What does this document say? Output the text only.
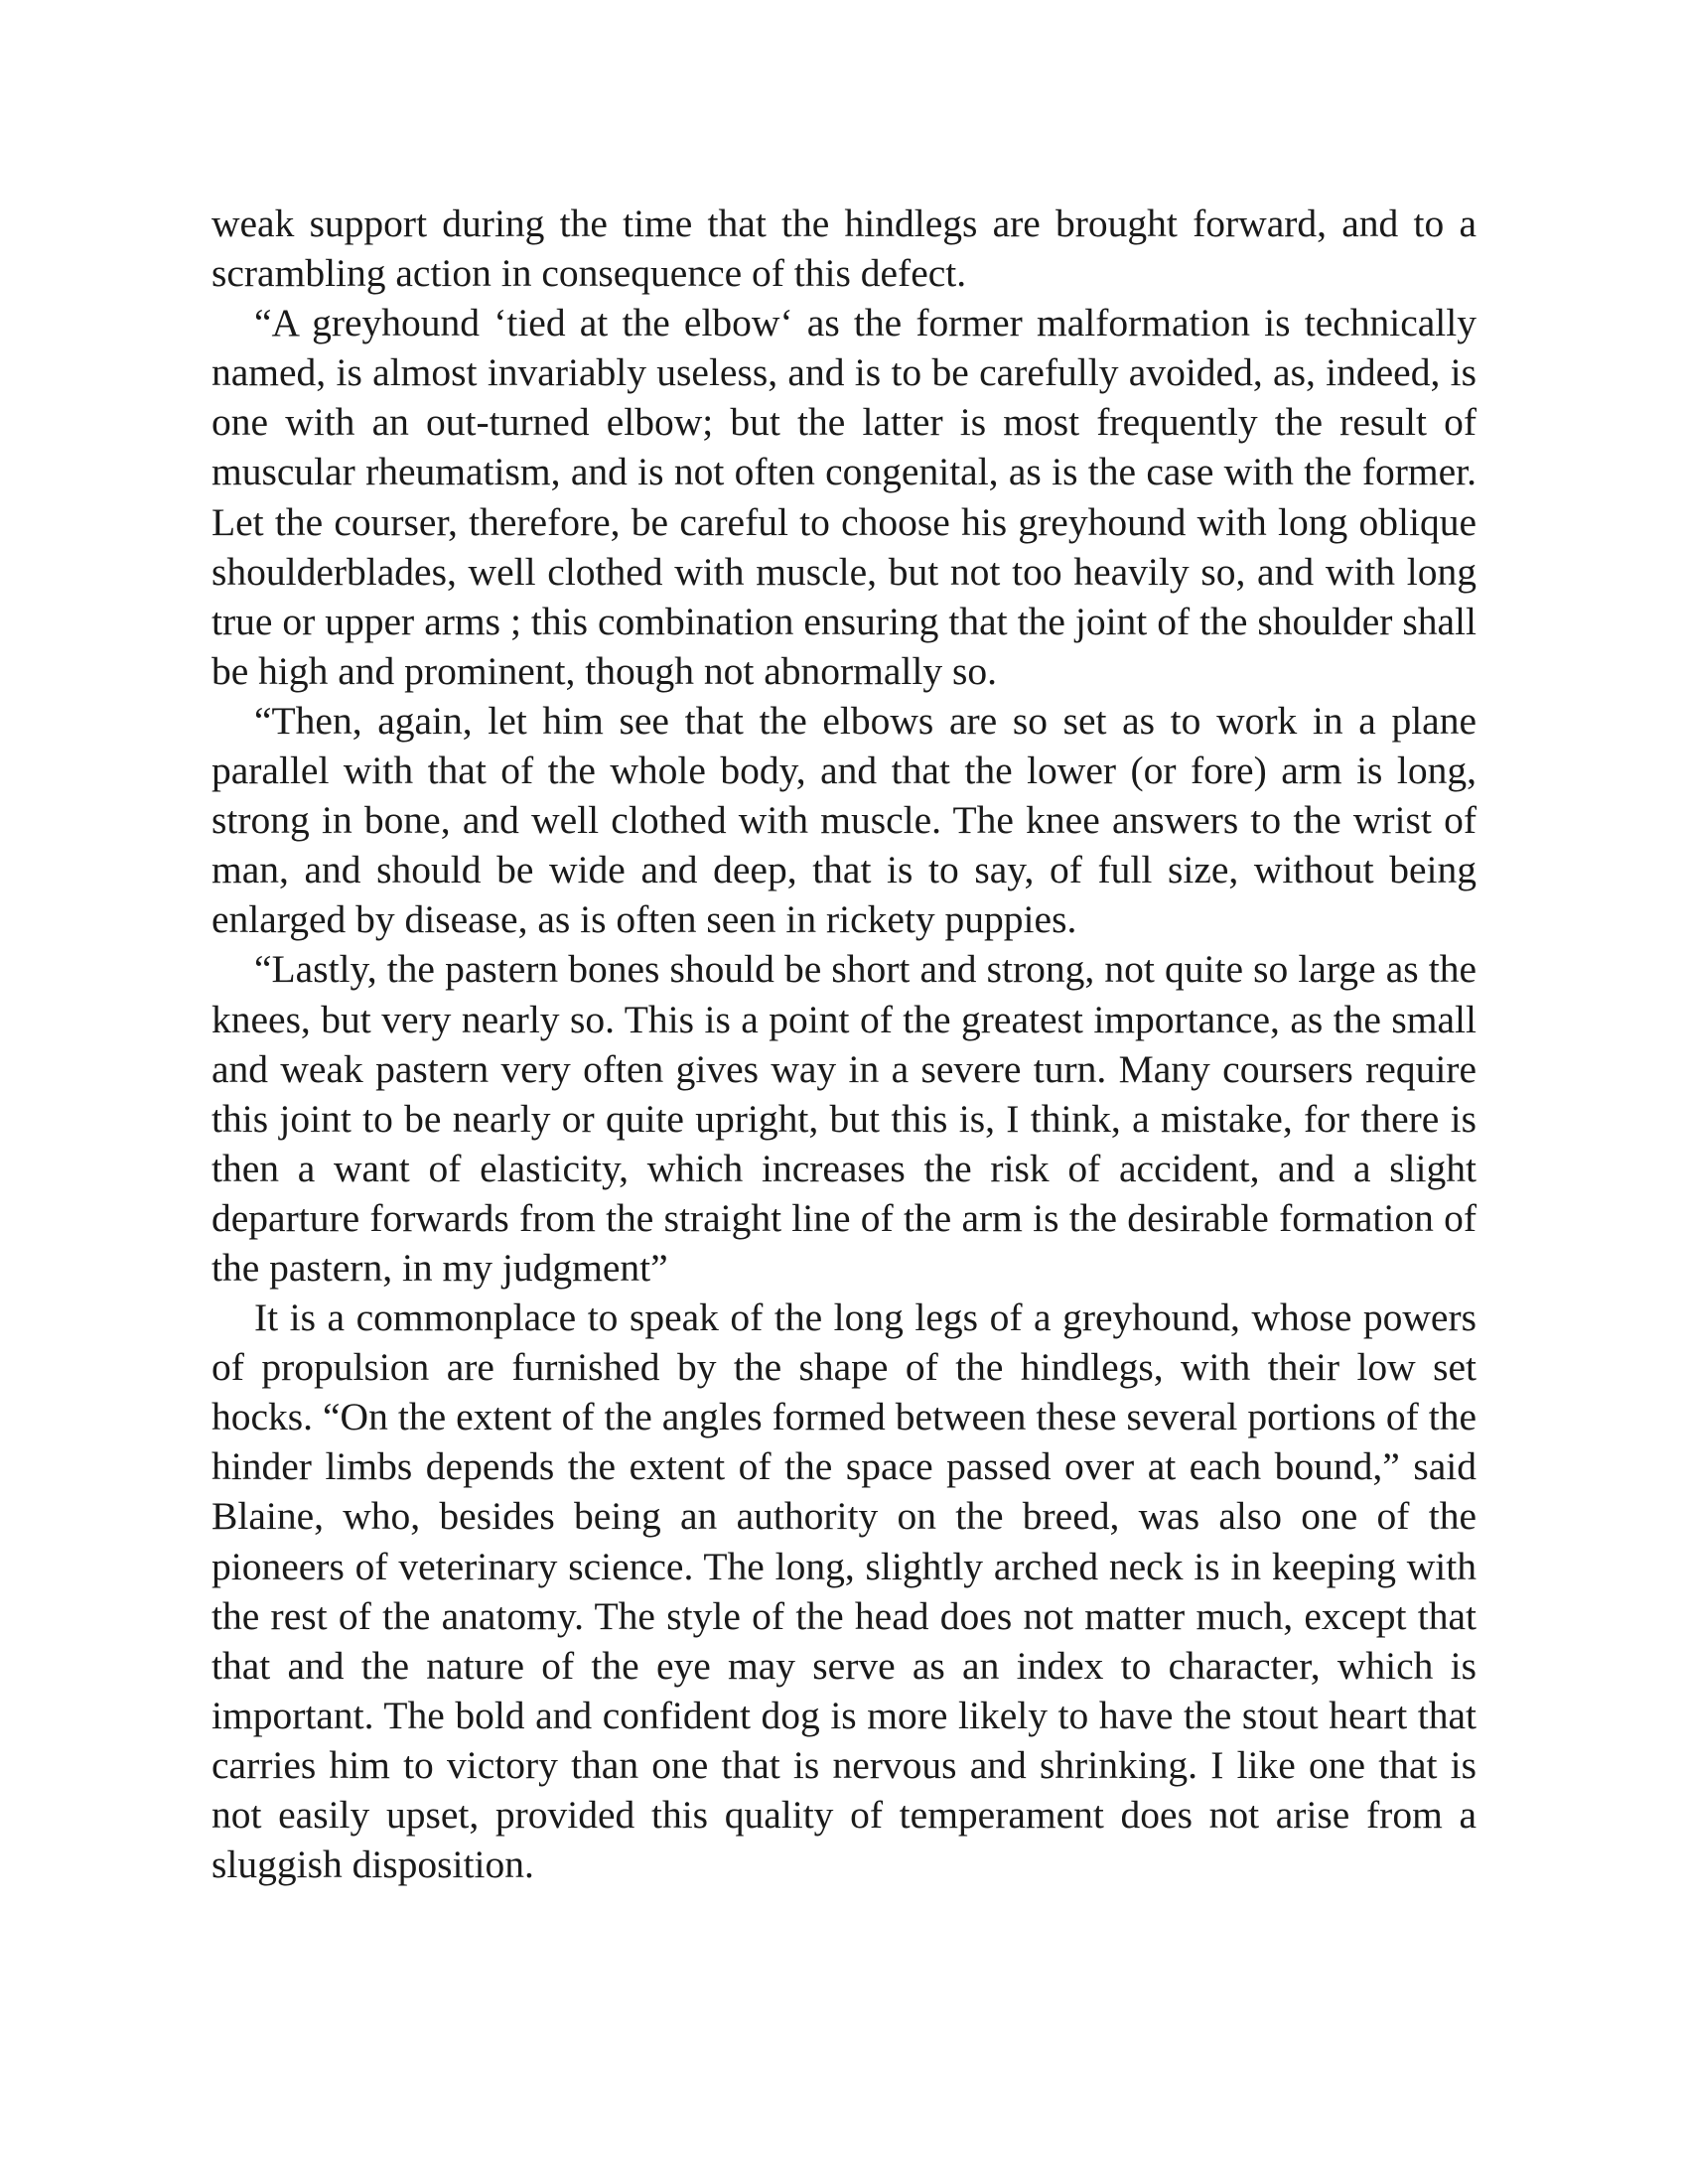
weak support during the time that the hindlegs are brought forward, and to a scrambling action in consequence of this defect.

“A greyhound ‘tied at the elbow‘ as the former malformation is technically named, is almost invariably useless, and is to be carefully avoided, as, indeed, is one with an out-turned elbow; but the latter is most frequently the result of muscular rheumatism, and is not often congenital, as is the case with the former. Let the courser, therefore, be careful to choose his greyhound with long oblique shoulderblades, well clothed with muscle, but not too heavily so, and with long true or upper arms ; this combination ensuring that the joint of the shoulder shall be high and prominent, though not abnormally so.

“Then, again, let him see that the elbows are so set as to work in a plane parallel with that of the whole body, and that the lower (or fore) arm is long, strong in bone, and well clothed with muscle. The knee answers to the wrist of man, and should be wide and deep, that is to say, of full size, without being enlarged by disease, as is often seen in rickety puppies.

“Lastly, the pastern bones should be short and strong, not quite so large as the knees, but very nearly so. This is a point of the greatest importance, as the small and weak pastern very often gives way in a severe turn. Many coursers require this joint to be nearly or quite upright, but this is, I think, a mistake, for there is then a want of elasticity, which increases the risk of accident, and a slight departure forwards from the straight line of the arm is the desirable formation of the pastern, in my judgment”

It is a commonplace to speak of the long legs of a greyhound, whose powers of propulsion are furnished by the shape of the hindlegs, with their low set hocks. “On the extent of the angles formed between these several portions of the hinder limbs depends the extent of the space passed over at each bound,” said Blaine, who, besides being an authority on the breed, was also one of the pioneers of veterinary science. The long, slightly arched neck is in keeping with the rest of the anatomy. The style of the head does not matter much, except that that and the nature of the eye may serve as an index to character, which is important. The bold and confident dog is more likely to have the stout heart that carries him to victory than one that is nervous and shrinking. I like one that is not easily upset, provided this quality of temperament does not arise from a sluggish disposition.
